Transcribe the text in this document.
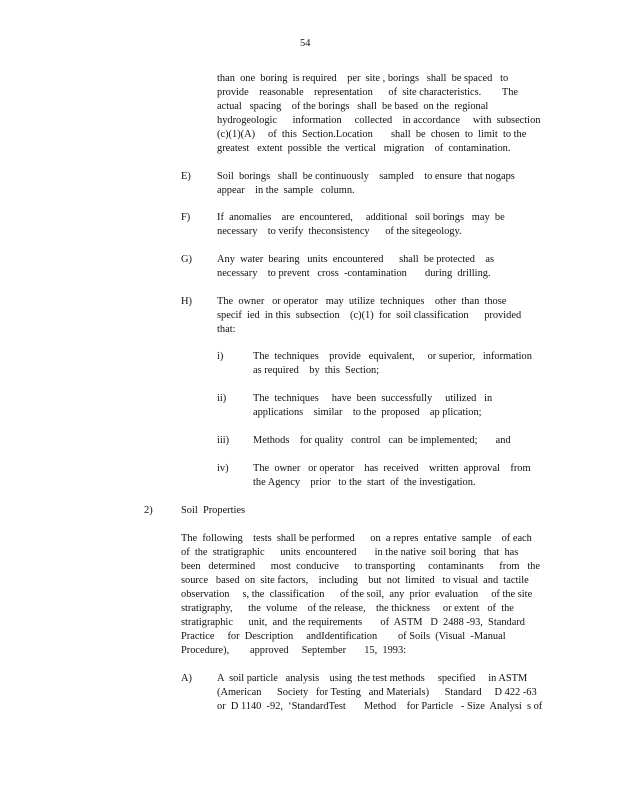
54
than  one  boring  is required    per  site , borings   shall  be spaced   to
provide    reasonable    representation      of  site characteristics.        The
actual   spacing    of the borings   shall  be based  on the  regional
hydrogeologic      information     collected    in accordance     with  subsection
(c)(1)(A)     of  this  Section.Location       shall  be  chosen  to  limit  to the
greatest   extent  possible  the  vertical   migration    of  contamination.
E)	Soil  borings   shall  be continuously    sampled    to ensure  that nogaps
appear    in the  sample   column.
F)	If  anomalies    are  encountered,     additional   soil borings   may  be
necessary    to verify  theconsistency      of the sitegeology.
G) Any  water  bearing   units  encountered      shall  be protected    as
necessary    to prevent   cross  -contamination       during  drilling.
H) The  owner   or operator   may  utilize  techniques    other  than  those
specif  ied  in this  subsection    (c)(1)  for  soil classification      provided
that:
i)	The  techniques    provide   equivalent,     or superior,   information
as required    by  this  Section;
ii)	The  techniques     have  been  successfully     utilized   in
applications    similar    to the  proposed    ap plication;
iii) Methods    for quality   control   can  be implemented;       and
iv) The  owner   or operator    has  received    written  approval    from
the Agency    prior   to the  start  of  the investigation.
2)	Soil  Properties
The  following    tests  shall be performed      on  a repres  entative  sample    of each
of  the  stratigraphic      units  encountered       in the native  soil boring   that  has
been   determined      most  conducive      to transporting     contaminants      from   the
source   based  on  site factors,    including    but  not  limited   to visual  and  tactile
observation     s, the  classification      of the soil,  any  prior  evaluation     of the site
stratigraphy,      the  volume    of the release,    the thickness     or extent   of  the
stratigraphic      unit,  and  the requirements       of  ASTM   D  2488 -93,  Standard
Practice     for  Description     andIdentification        of Soils  (Visual  -Manual
Procedure),        approved     September       15,  1993:
A) A  soil particle   analysis    using  the test methods     specified     in ASTM
(American      Society   for Testing   and Materials)      Standard     D 422 -63
or  D 1140  -92,  ‘StandardTest       Method    for Particle   - Size  Analysi  s of
